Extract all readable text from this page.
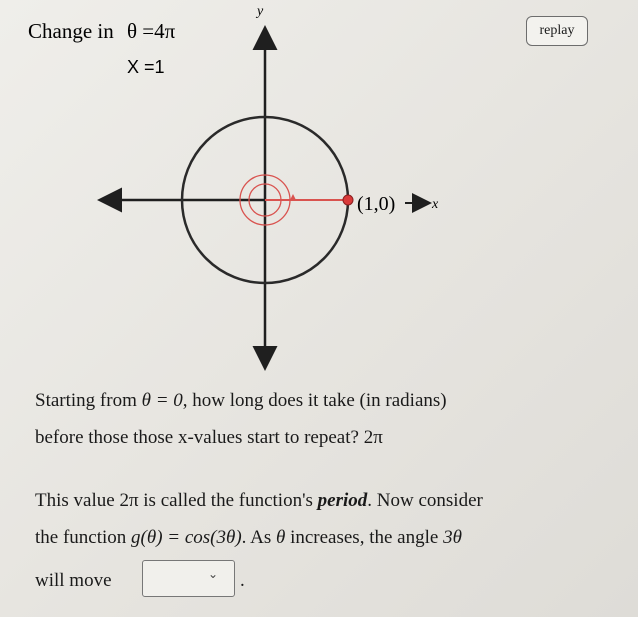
Change in θ =4π
X =1
y
(1,0)	x
replay
Starting from θ = 0, how long does it take (in radians)
before those those x-values start to repeat? 2π
This value 2π is called the function's period. Now consider
the function g(θ) = cos(3θ). As θ increases, the angle 3θ
will move	⌄ .
